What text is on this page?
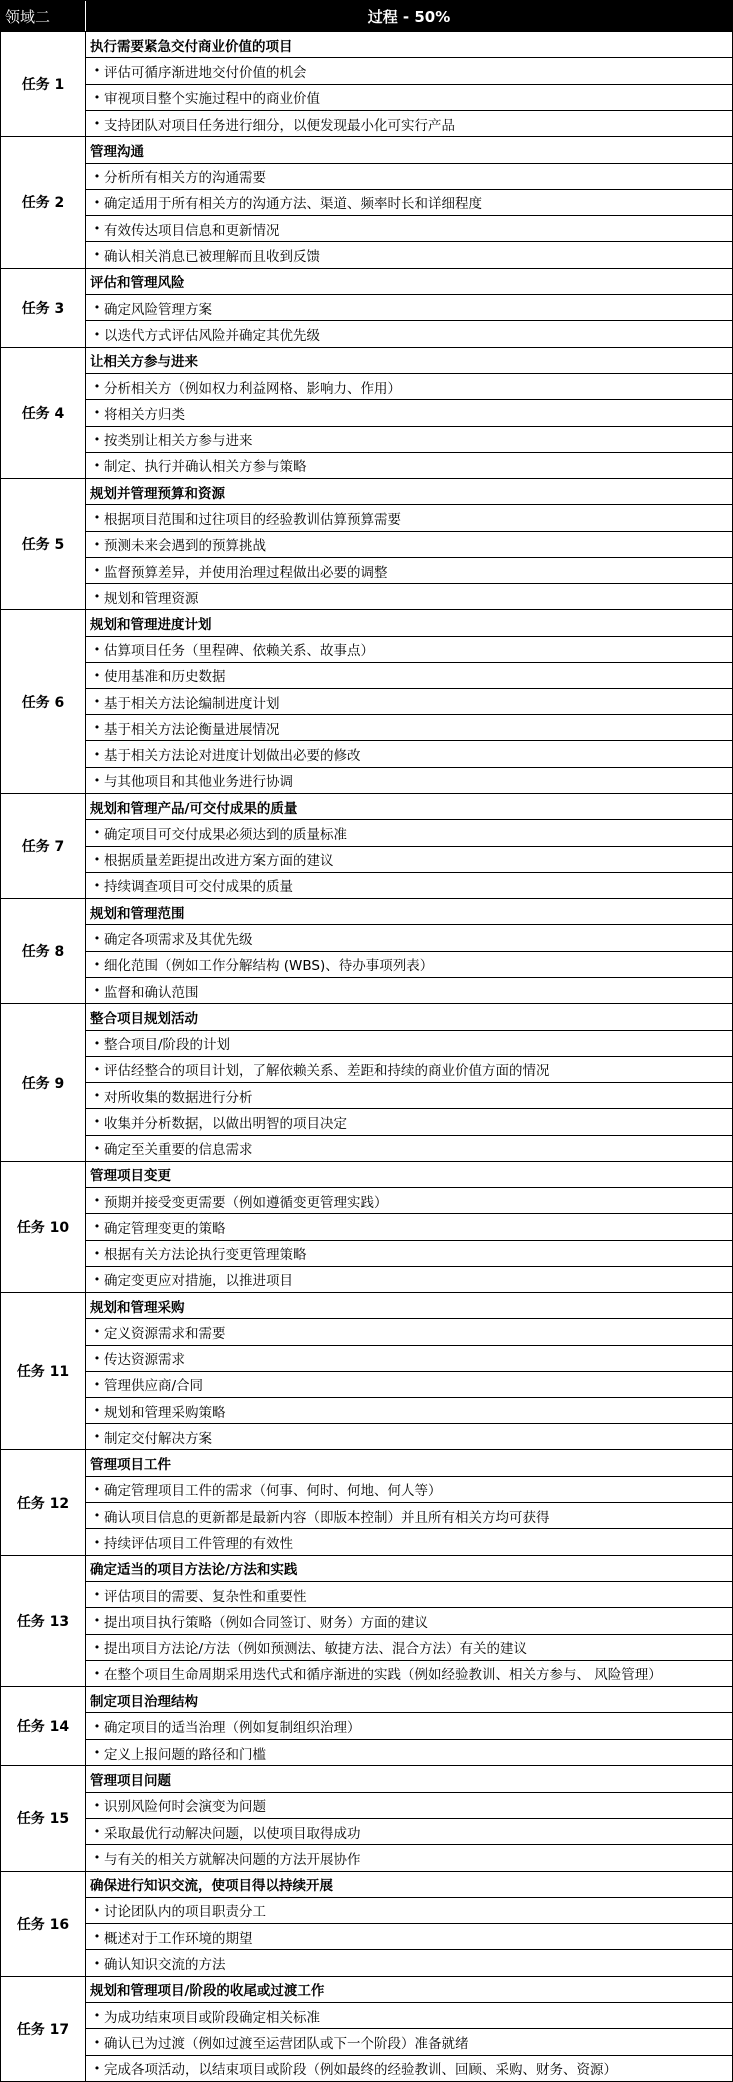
领域二	过程 - 50%
任务 1
执行需要紧急交付商业价值的项目
• 评估可循序渐进地交付价值的机会
• 审视项目整个实施过程中的商业价值
• 支持团队对项目任务进行细分，以便发现最小化可实行产品
任务 2
管理沟通
• 分析所有相关方的沟通需要
• 确定适用于所有相关方的沟通方法、渠道、频率时长和详细程度
• 有效传达项目信息和更新情况
• 确认相关消息已被理解而且收到反馈
任务 3
评估和管理风险
• 确定风险管理方案
• 以迭代方式评估风险并确定其优先级
任务 4
让相关方参与进来
• 分析相关方（例如权力利益网格、影响力、作用）
• 将相关方归类
• 按类别让相关方参与进来
• 制定、执行并确认相关方参与策略
任务 5
规划并管理预算和资源
• 根据项目范围和过往项目的经验教训估算预算需要
• 预测未来会遇到的预算挑战
• 监督预算差异，并使用治理过程做出必要的调整
• 规划和管理资源
任务 6
规划和管理进度计划
• 估算项目任务（里程碑、依赖关系、故事点）
• 使用基准和历史数据
• 基于相关方法论编制进度计划
• 基于相关方法论衡量进展情况
• 基于相关方法论对进度计划做出必要的修改
• 与其他项目和其他业务进行协调
任务 7
规划和管理产品/可交付成果的质量
• 确定项目可交付成果必须达到的质量标准
• 根据质量差距提出改进方案方面的建议
• 持续调查项目可交付成果的质量
任务 8
规划和管理范围
• 确定各项需求及其优先级
• 细化范围（例如工作分解结构 (WBS)、待办事项列表）
• 监督和确认范围
任务 9
整合项目规划活动
• 整合项目/阶段的计划
• 评估经整合的项目计划，了解依赖关系、差距和持续的商业价值方面的情况
• 对所收集的数据进行分析
• 收集并分析数据，以做出明智的项目决定
• 确定至关重要的信息需求
任务 10
管理项目变更
• 预期并接受变更需要（例如遵循变更管理实践）
• 确定管理变更的策略
• 根据有关方法论执行变更管理策略
• 确定变更应对措施，以推进项目
任务 11
规划和管理采购
• 定义资源需求和需要
• 传达资源需求
• 管理供应商/合同
• 规划和管理采购策略
• 制定交付解决方案
任务 12
管理项目工件
• 确定管理项目工件的需求（何事、何时、何地、何人等）
• 确认项目信息的更新都是最新内容（即版本控制）并且所有相关方均可获得
• 持续评估项目工件管理的有效性
任务 13
确定适当的项目方法论/方法和实践
• 评估项目的需要、复杂性和重要性
• 提出项目执行策略（例如合同签订、财务）方面的建议
• 提出项目方法论/方法（例如预测法、敏捷方法、混合方法）有关的建议
• 在整个项目生命周期采用迭代式和循序渐进的实践（例如经验教训、相关方参与、 风险管理）
任务 14
制定项目治理结构
• 确定项目的适当治理（例如复制组织治理）
• 定义上报问题的路径和门槛
任务 15
管理项目问题
• 识别风险何时会演变为问题
• 采取最优行动解决问题，以使项目取得成功
• 与有关的相关方就解决问题的方法开展协作
任务 16
确保进行知识交流，使项目得以持续开展
• 讨论团队内的项目职责分工
• 概述对于工作环境的期望
• 确认知识交流的方法
任务 17
规划和管理项目/阶段的收尾或过渡工作
• 为成功结束项目或阶段确定相关标准
• 确认已为过渡（例如过渡至运营团队或下一个阶段）准备就绪
• 完成各项活动，以结束项目或阶段（例如最终的经验教训、回顾、采购、财务、资源）
